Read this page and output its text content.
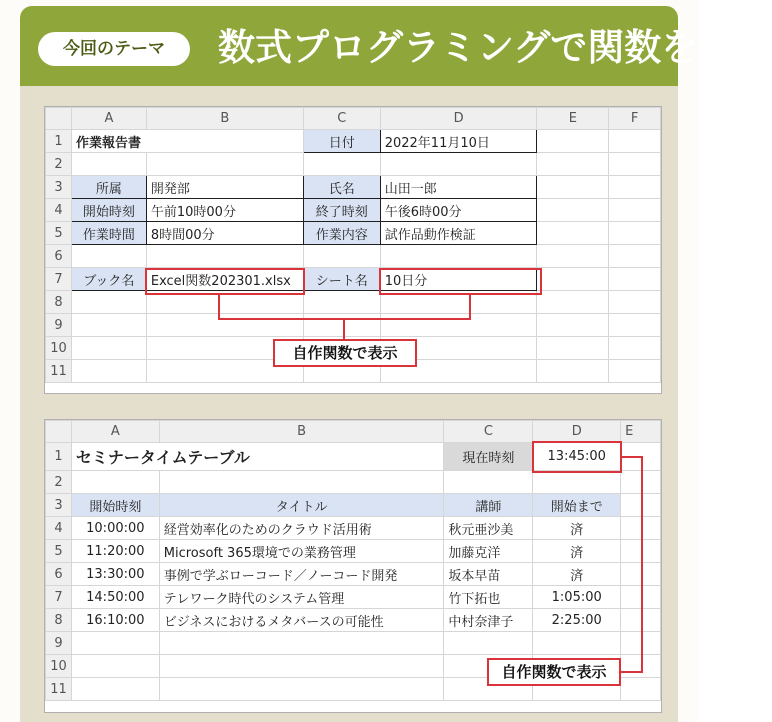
今回のテーマ	数式プログラミングで関数を作成
	A	B	C	D	E	F
1	作業報告書		日付	2022年11月10日		
2						
3	所属	開発部	氏名	山田一郎		
4	開始時刻	午前10時00分	終了時刻	午後6時00分		
5	作業時間	8時間00分	作業内容	試作品動作検証		
6						
7	ブック名	Excel関数202301.xlsx	シート名	10日分		
8						
9						
10						
11						
自作関数で表示
	A	B	C	D	E
1	セミナータイムテーブル		現在時刻	13:45:00	
2					
3	開始時刻	タイトル	講師	開始まで	
4	10:00:00	経営効率化のためのクラウド活用術	秋元亜沙美	済	
5	11:20:00	Microsoft 365環境での業務管理	加藤克洋	済	
6	13:30:00	事例で学ぶローコード／ノーコード開発	坂本早苗	済	
7	14:50:00	テレワーク時代のシステム管理	竹下拓也	1:05:00	
8	16:10:00	ビジネスにおけるメタバースの可能性	中村奈津子	2:25:00	
9					
10					
11					
自作関数で表示
